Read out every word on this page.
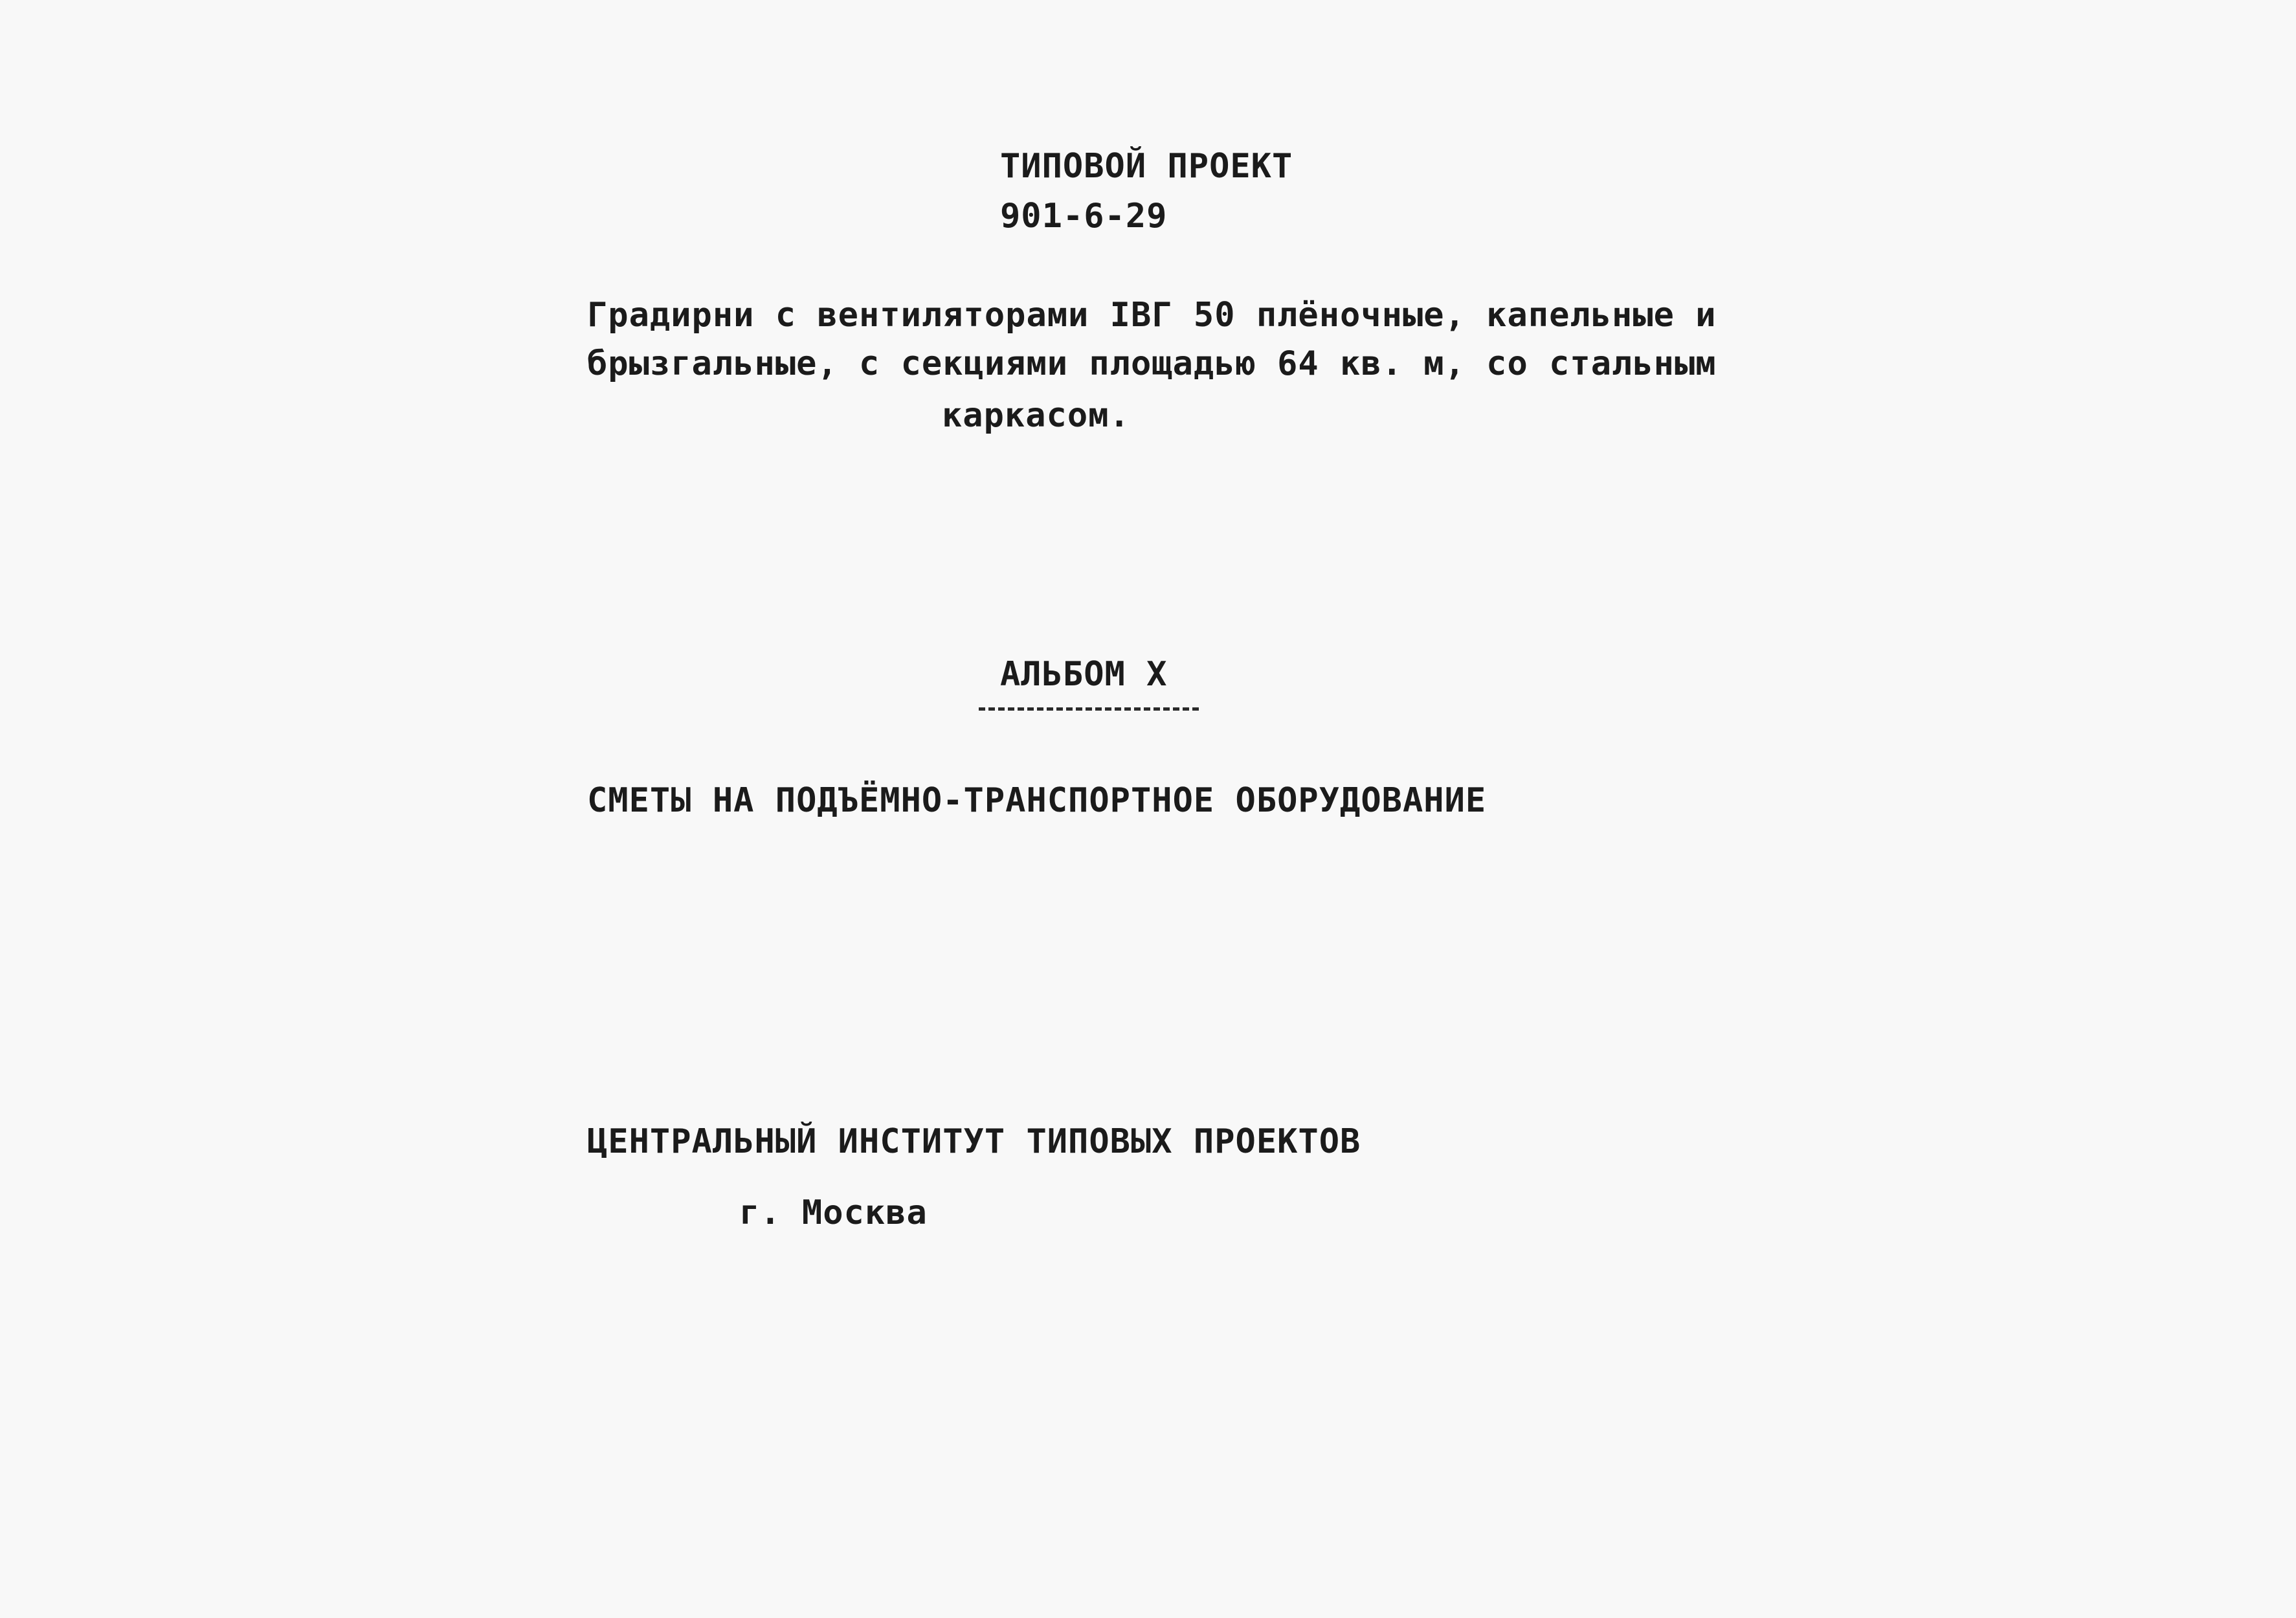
ТИПОВОЙ ПРОЕКТ
901-6-29
Градирни с вентиляторами IВГ 50 плёночные, капельные и
брызгальные, с секциями площадью 64 кв. м, со стальным
каркасом.
АЛЬБОМ X
СМЕТЫ НА ПОДЪЁМНО-ТРАНСПОРТНОЕ ОБОРУДОВАНИЕ
ЦЕНТРАЛЬНЫЙ ИНСТИТУТ ТИПОВЫХ ПРОЕКТОВ
г. Москва
